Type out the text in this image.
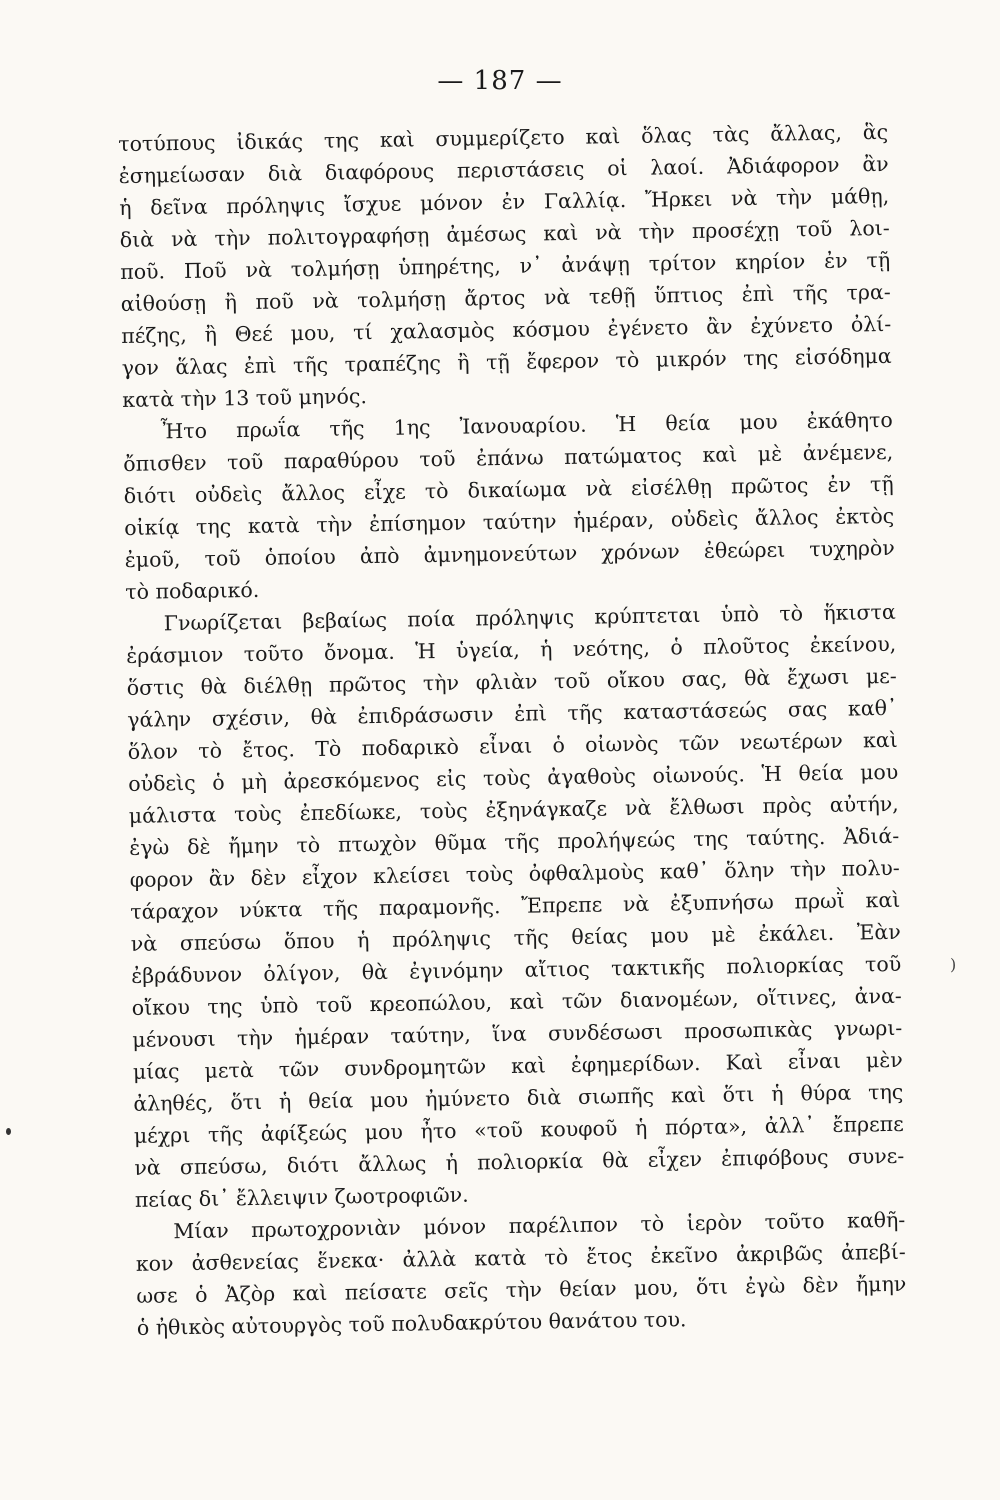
— 187 —
τοτύπους ἰδικάς της καὶ συμμερίζετο καὶ ὅλας τὰς ἄλλας, ἃς
ἐσημείωσαν διὰ διαφόρους περιστάσεις οἱ λαοί. Ἀδιάφορον ἂν
ἡ δεῖνα πρόληψις ἴσχυε μόνον ἐν Γαλλίᾳ. Ἤρκει νὰ τὴν μάθῃ,
διὰ νὰ τὴν πολιτογραφήσῃ ἀμέσως καὶ νὰ τὴν προσέχῃ τοῦ λοι-
ποῦ. Ποῦ νὰ τολμήσῃ ὑπηρέτης, ν᾽ ἀνάψῃ τρίτον κηρίον ἐν τῇ
αἰθούσῃ ἢ ποῦ νὰ τολμήσῃ ἄρτος νὰ τεθῇ ὕπτιος ἐπὶ τῆς τρα-
πέζης, ἢ Θεέ μου, τί χαλασμὸς κόσμου ἐγένετο ἂν ἐχύνετο ὀλί-
γον ἅλας ἐπὶ τῆς τραπέζης ἢ τῇ ἔφερον τὸ μικρόν της εἰσόδημα
κατὰ τὴν 13 τοῦ μηνός.
Ἦτο πρωΐα τῆς 1ης Ἰανουαρίου. Ἡ θεία μου ἐκάθητο
ὄπισθεν τοῦ παραθύρου τοῦ ἐπάνω πατώματος καὶ μὲ ἀνέμενε,
διότι οὐδεὶς ἄλλος εἶχε τὸ δικαίωμα νὰ εἰσέλθῃ πρῶτος ἐν τῇ
οἰκίᾳ της κατὰ τὴν ἐπίσημον ταύτην ἡμέραν, οὐδεὶς ἄλλος ἐκτὸς
ἐμοῦ, τοῦ ὁποίου ἀπὸ ἀμνημονεύτων χρόνων ἐθεώρει τυχηρὸν
τὸ ποδαρικό.
Γνωρίζεται βεβαίως ποία πρόληψις κρύπτεται ὑπὸ τὸ ἥκιστα
ἐράσμιον τοῦτο ὄνομα. Ἡ ὑγεία, ἡ νεότης, ὁ πλοῦτος ἐκείνου,
ὅστις θὰ διέλθῃ πρῶτος τὴν φλιὰν τοῦ οἴκου σας, θὰ ἔχωσι με-
γάλην σχέσιν, θὰ ἐπιδράσωσιν ἐπὶ τῆς καταστάσεώς σας καθ᾽
ὅλον τὸ ἔτος. Τὸ ποδαρικὸ εἶναι ὁ οἰωνὸς τῶν νεωτέρων καὶ
οὐδεὶς ὁ μὴ ἀρεσκόμενος εἰς τοὺς ἀγαθοὺς οἰωνούς. Ἡ θεία μου
μάλιστα τοὺς ἐπεδίωκε, τοὺς ἐξηνάγκαζε νὰ ἔλθωσι πρὸς αὐτήν,
ἐγὼ δὲ ἤμην τὸ πτωχὸν θῦμα τῆς προλήψεώς της ταύτης. Ἀδιά-
φορον ἂν δὲν εἶχον κλείσει τοὺς ὀφθαλμοὺς καθ᾽ ὅλην τὴν πολυ-
τάραχον νύκτα τῆς παραμονῆς. Ἔπρεπε νὰ ἐξυπνήσω πρωῒ καὶ
νὰ σπεύσω ὅπου ἡ πρόληψις τῆς θείας μου μὲ ἐκάλει. Ἐὰν
ἐβράδυνον ὀλίγον, θὰ ἐγινόμην αἴτιος τακτικῆς πολιορκίας τοῦ
οἴκου της ὑπὸ τοῦ κρεοπώλου, καὶ τῶν διανομέων, οἵτινες, ἀνα-
μένουσι τὴν ἡμέραν ταύτην, ἵνα συνδέσωσι προσωπικὰς γνωρι-
μίας μετὰ τῶν συνδρομητῶν καὶ ἐφημερίδων. Καὶ εἶναι μὲν
ἀληθές, ὅτι ἡ θεία μου ἠμύνετο διὰ σιωπῆς καὶ ὅτι ἡ θύρα της
μέχρι τῆς ἀφίξεώς μου ἦτο «τοῦ κουφοῦ ἡ πόρτα», ἀλλ᾽ ἔπρεπε
νὰ σπεύσω, διότι ἄλλως ἡ πολιορκία θὰ εἶχεν ἐπιφόβους συνε-
πείας δι᾽ ἔλλειψιν ζωοτροφιῶν.
Μίαν πρωτοχρονιὰν μόνον παρέλιπον τὸ ἱερὸν τοῦτο καθῆ-
κον ἀσθενείας ἕνεκα· ἀλλὰ κατὰ τὸ ἔτος ἐκεῖνο ἀκριβῶς ἀπεβί-
ωσε ὁ Ἀζὸρ καὶ πείσατε σεῖς τὴν θείαν μου, ὅτι ἐγὼ δὲν ἤμην
ὁ ἠθικὸς αὐτουργὸς τοῦ πολυδακρύτου θανάτου του.
)
